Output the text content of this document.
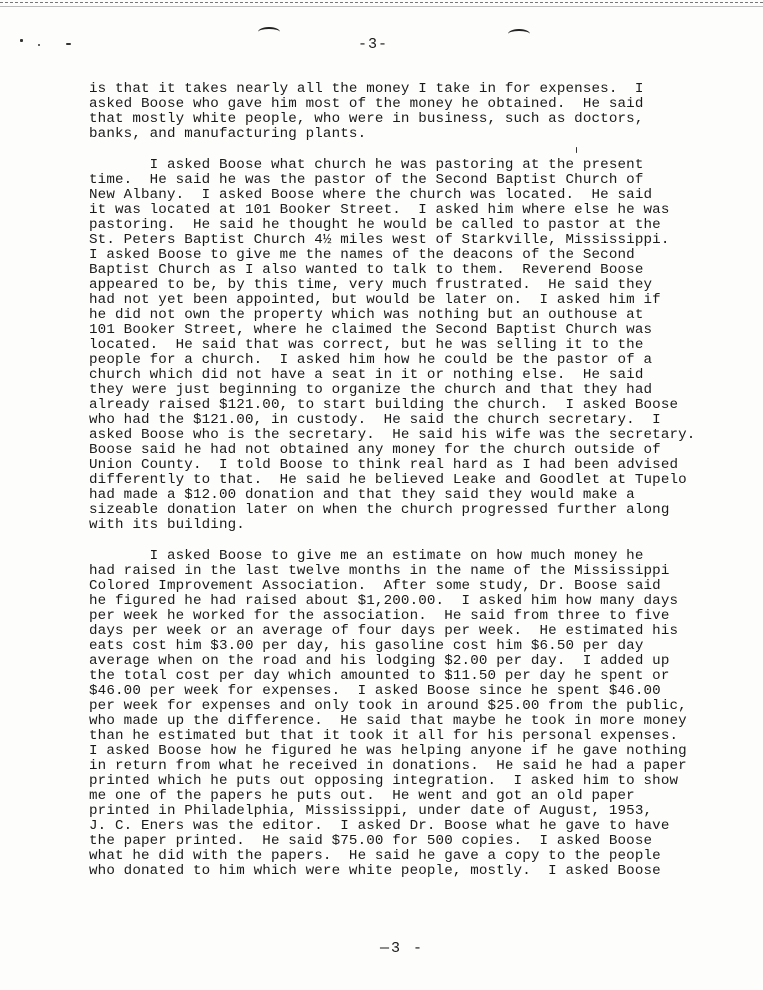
-3-
is that it takes nearly all the money I take in for expenses.  I
asked Boose who gave him most of the money he obtained.  He said
that mostly white people, who were in business, such as doctors,
banks, and manufacturing plants.
I asked Boose what church he was pastoring at the present
time.  He said he was the pastor of the Second Baptist Church of
New Albany.  I asked Boose where the church was located.  He said
it was located at 101 Booker Street.  I asked him where else he was
pastoring.  He said he thought he would be called to pastor at the
St. Peters Baptist Church 4½ miles west of Starkville, Mississippi.
I asked Boose to give me the names of the deacons of the Second
Baptist Church as I also wanted to talk to them.  Reverend Boose
appeared to be, by this time, very much frustrated.  He said they
had not yet been appointed, but would be later on.  I asked him if
he did not own the property which was nothing but an outhouse at
101 Booker Street, where he claimed the Second Baptist Church was
located.  He said that was correct, but he was selling it to the
people for a church.  I asked him how he could be the pastor of a
church which did not have a seat in it or nothing else.  He said
they were just beginning to organize the church and that they had
already raised $121.00, to start building the church.  I asked Boose
who had the $121.00, in custody.  He said the church secretary.  I
asked Boose who is the secretary.  He said his wife was the secretary.
Boose said he had not obtained any money for the church outside of
Union County.  I told Boose to think real hard as I had been advised
differently to that.  He said he believed Leake and Goodlet at Tupelo
had made a $12.00 donation and that they said they would make a
sizeable donation later on when the church progressed further along
with its building.
I asked Boose to give me an estimate on how much money he
had raised in the last twelve months in the name of the Mississippi
Colored Improvement Association.  After some study, Dr. Boose said
he figured he had raised about $1,200.00.  I asked him how many days
per week he worked for the association.  He said from three to five
days per week or an average of four days per week.  He estimated his
eats cost him $3.00 per day, his gasoline cost him $6.50 per day
average when on the road and his lodging $2.00 per day.  I added up
the total cost per day which amounted to $11.50 per day he spent or
$46.00 per week for expenses.  I asked Boose since he spent $46.00
per week for expenses and only took in around $25.00 from the public,
who made up the difference.  He said that maybe he took in more money
than he estimated but that it took it all for his personal expenses.
I asked Boose how he figured he was helping anyone if he gave nothing
in return from what he received in donations.  He said he had a paper
printed which he puts out opposing integration.  I asked him to show
me one of the papers he puts out.  He went and got an old paper
printed in Philadelphia, Mississippi, under date of August, 1953,
J. C. Eners was the editor.  I asked Dr. Boose what he gave to have
the paper printed.  He said $75.00 for 500 copies.  I asked Boose
what he did with the papers.  He said he gave a copy to the people
who donated to him which were white people, mostly.  I asked Boose
—3 -
